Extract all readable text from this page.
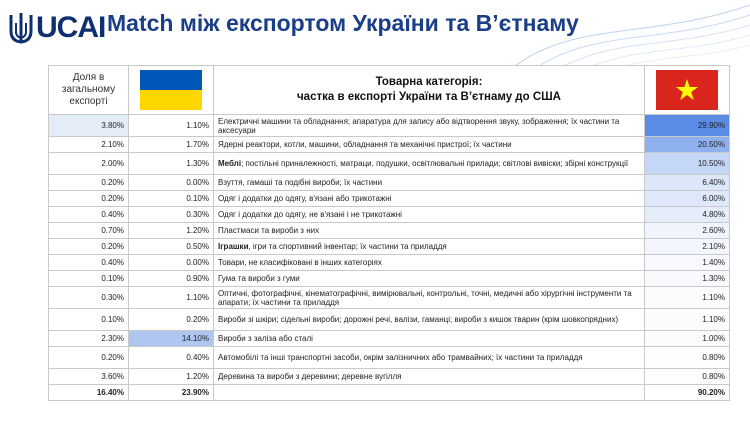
UCAI Match між експортом України та В’єтнаму
Доля в загальному експорті		Товарна категорія:
частка в експорті України та В’єтнаму до США

3.80%	1.10%	Електричні машини та обладнання; апаратура для запису або відтворення звуку, зображення; їх частини та аксесуари	29.90%
2.10%	1.70%	Ядерні реактори, котли, машини, обладнання та механічні пристрої; їх частини	20.50%
2.00%	1.30%	Меблі; постільні приналежності, матраци, подушки, освітлювальні прилади; світлові вивіски; збірні конструкції	10.50%
0.20%	0.00%	Взуття, гамаші та подібні вироби; їх частини	6.40%
0.20%	0.10%	Одяг і додатки до одягу, в'язані або трикотажні	6.00%
0.40%	0.30%	Одяг і додатки до одягу, не в'язані і не трикотажні	4.80%
0.70%	1.20%	Пластмаси та вироби з них	2.60%
0.20%	0.50%	Іграшки, ігри та спортивний інвентар; їх частини та приладдя	2.10%
0.40%	0.00%	Товари, не класифіковані в інших категоріях	1.40%
0.10%	0.90%	Гума та вироби з гуми	1.30%
0.30%	1.10%	Оптичні, фотографічні, кінематографічні, вимірювальні, контрольні, точні, медичні або хірургічні інструменти та апарати; їх частини та приладдя	1.10%
0.10%	0.20%	Вироби зі шкіри; сідельні вироби; дорожні речі, валізи, гаманці; вироби з кишок тварин (крім шовкопрядних)	1.10%
2.30%	14.10%	Вироби з заліза або сталі	1.00%
0.20%	0.40%	Автомобілі та інші транспортні засоби, окрім залізничних або трамвайних; їх частини та приладдя	0.80%
3.60%	1.20%	Деревина та вироби з деревини; деревне вугілля	0.80%
16.40%	23.90%		90.20%
